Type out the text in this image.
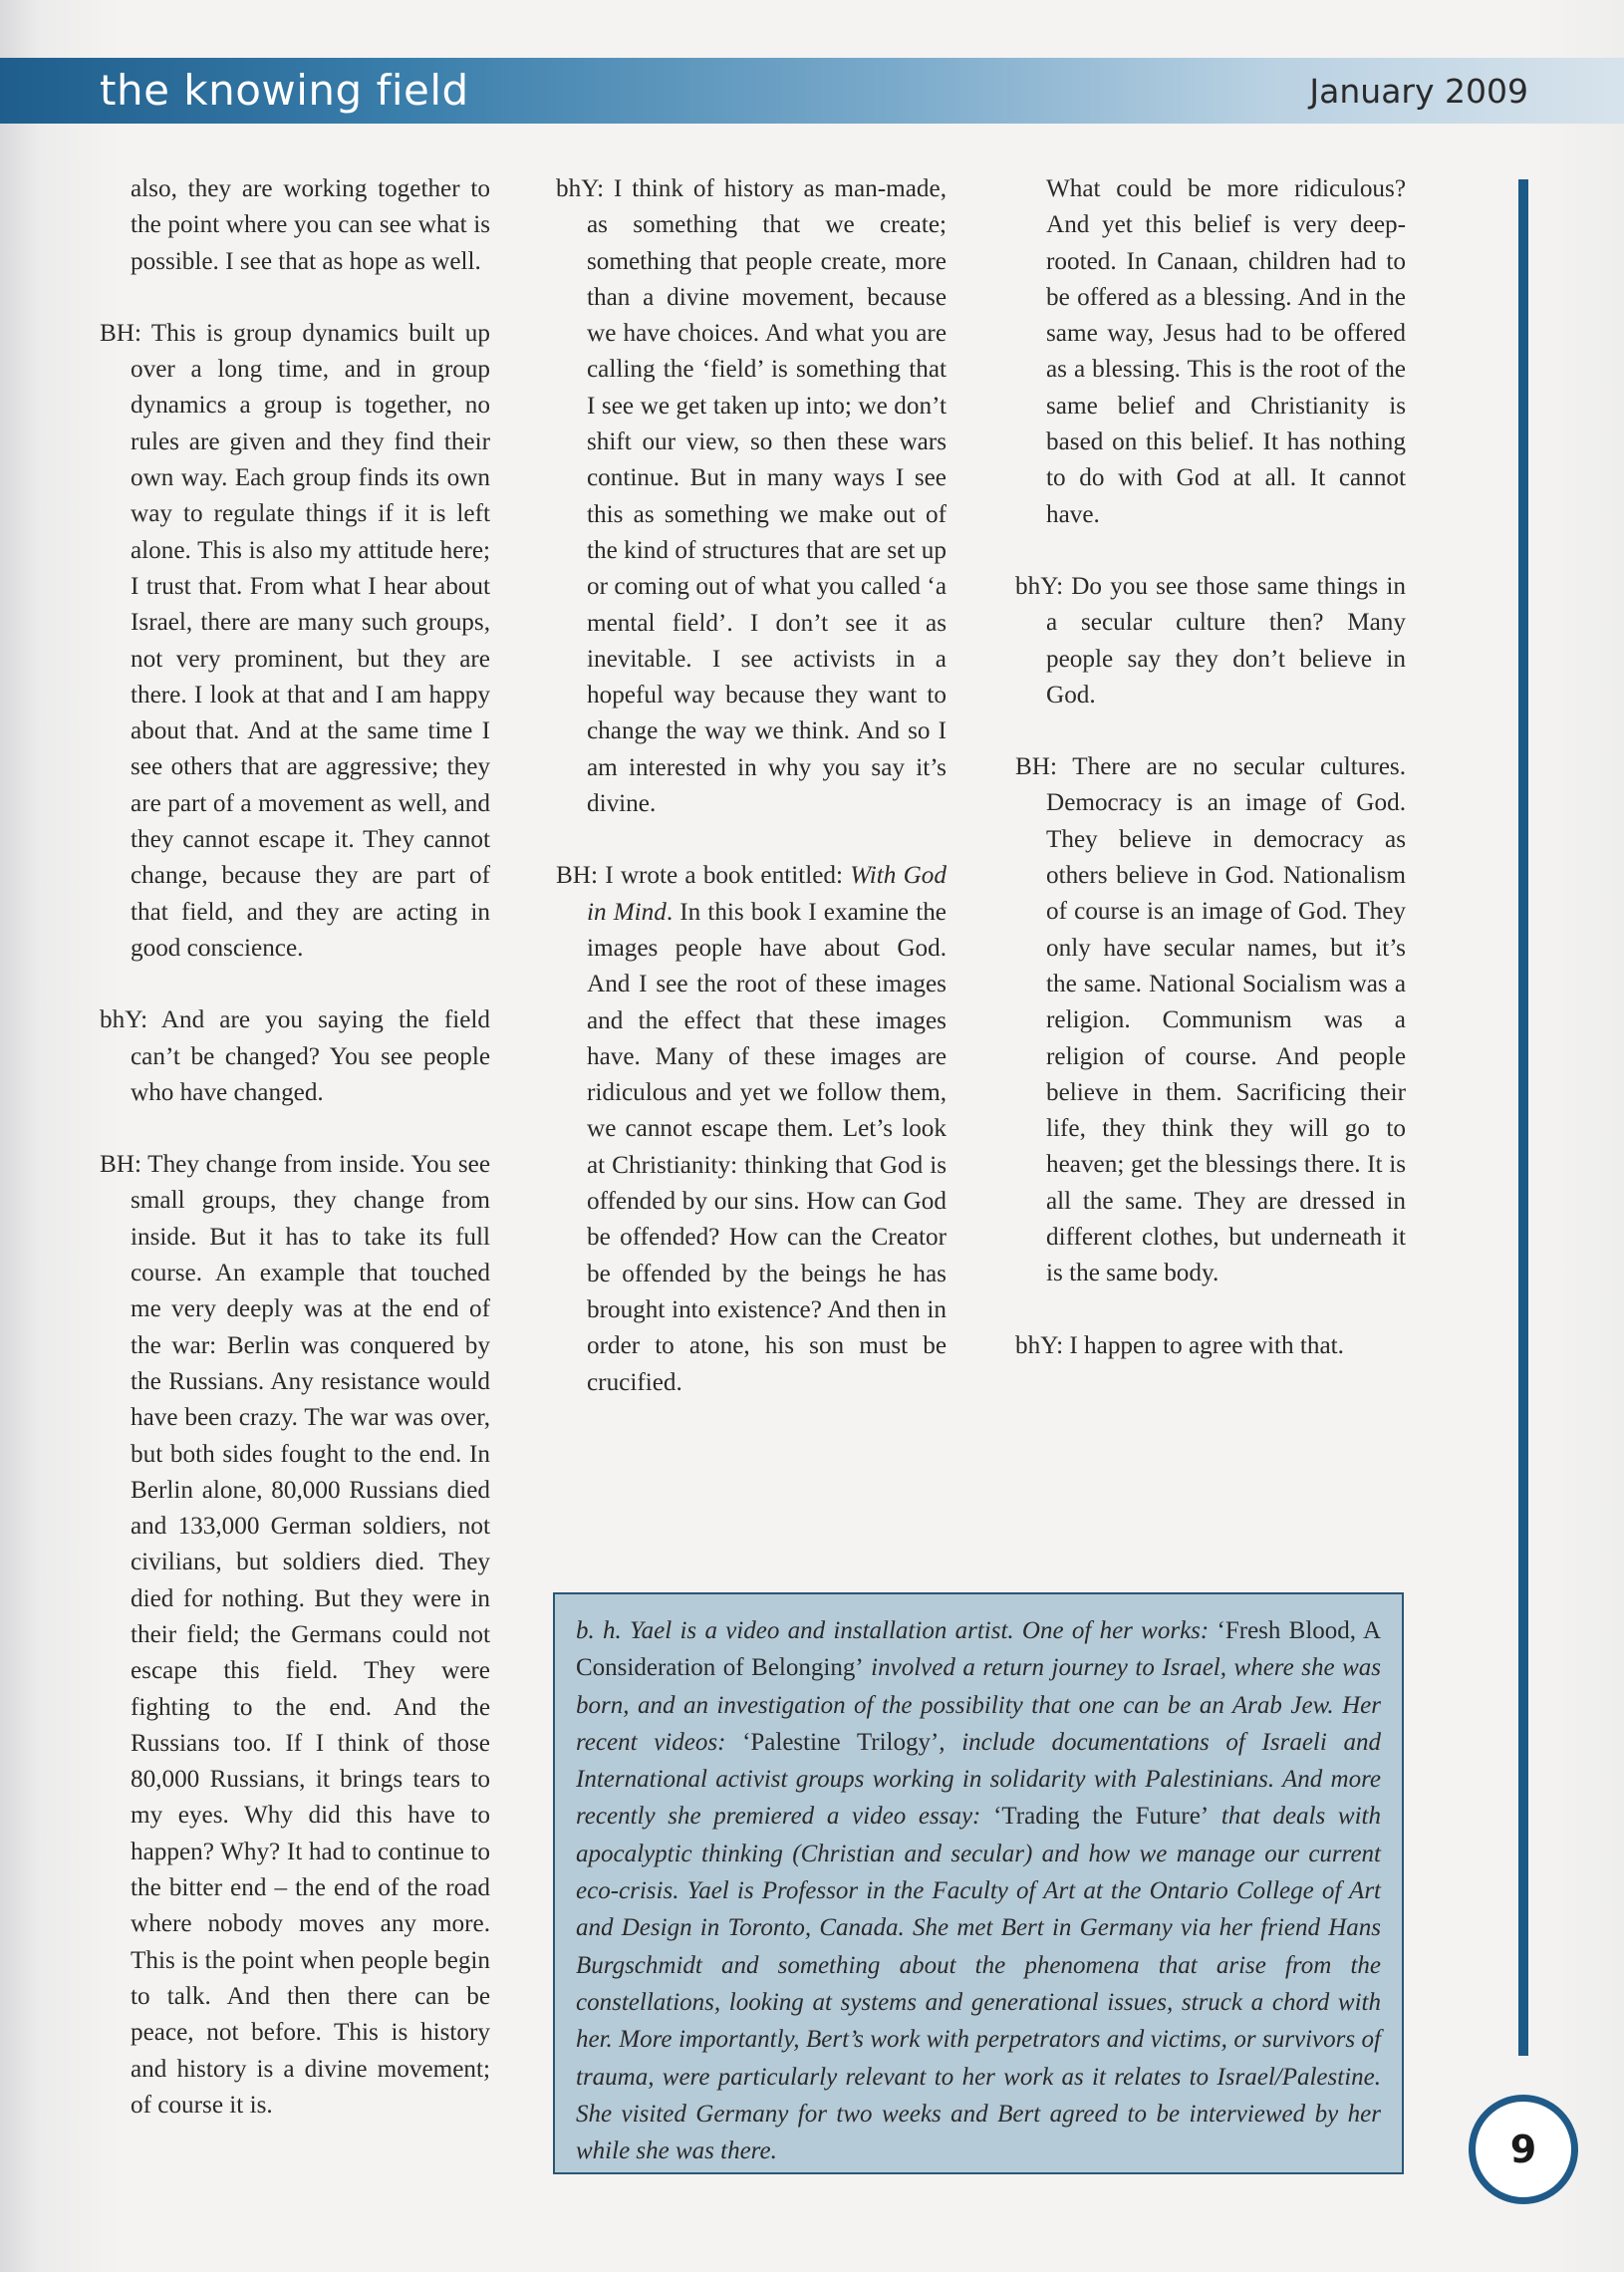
the knowing field	January 2009

also, they are working together to the point where you can see what is possible. I see that as hope as well.

BH: This is group dynamics built up over a long time, and in group dynamics a group is together, no rules are given and they find their own way. Each group finds its own way to regulate things if it is left alone. This is also my attitude here; I trust that. From what I hear about Israel, there are many such groups, not very prominent, but they are there. I look at that and I am happy about that. And at the same time I see others that are aggressive; they are part of a movement as well, and they cannot escape it. They cannot change, because they are part of that field, and they are acting in good conscience.

bhY: And are you saying the field can’t be changed? You see people who have changed.

BH: They change from inside. You see small groups, they change from inside. But it has to take its full course. An example that touched me very deeply was at the end of the war: Berlin was conquered by the Russians. Any resistance would have been crazy. The war was over, but both sides fought to the end. In Berlin alone, 80,000 Russians died and 133,000 German soldiers, not civilians, but soldiers died. They died for nothing. But they were in their field; the Germans could not escape this field. They were fighting to the end. And the Russians too. If I think of those 80,000 Russians, it brings tears to my eyes. Why did this have to happen? Why? It had to continue to the bitter end – the end of the road where nobody moves any more. This is the point when people begin to talk. And then there can be peace, not before. This is history and history is a divine movement; of course it is.

bhY: I think of history as man-made, as something that we create; something that people create, more than a divine movement, because we have choices. And what you are calling the ‘field’ is something that I see we get taken up into; we don’t shift our view, so then these wars continue. But in many ways I see this as something we make out of the kind of structures that are set up or coming out of what you called ‘a mental field’. I don’t see it as inevitable. I see activists in a hopeful way because they want to change the way we think. And so I am interested in why you say it’s divine.

BH: I wrote a book entitled: With God in Mind. In this book I examine the images people have about God. And I see the root of these images and the effect that these images have. Many of these images are ridiculous and yet we follow them, we cannot escape them. Let’s look at Christianity: thinking that God is offended by our sins. How can God be offended? How can the Creator be offended by the beings he has brought into existence? And then in order to atone, his son must be crucified.

What could be more ridiculous? And yet this belief is very deep-rooted. In Canaan, children had to be offered as a blessing. And in the same way, Jesus had to be offered as a blessing. This is the root of the same belief and Christianity is based on this belief. It has nothing to do with God at all. It cannot have.

bhY: Do you see those same things in a secular culture then? Many people say they don’t believe in God.

BH: There are no secular cultures. Democracy is an image of God. They believe in democracy as others believe in God. Nationalism of course is an image of God. They only have secular names, but it’s the same. National Socialism was a religion. Communism was a religion of course. And people believe in them. Sacrificing their life, they think they will go to heaven; get the blessings there. It is all the same. They are dressed in different clothes, but underneath it is the same body.

bhY: I happen to agree with that.

b. h. Yael is a video and installation artist. One of her works: ‘Fresh Blood, A Consideration of Belonging’ involved a return journey to Israel, where she was born, and an investigation of the possibility that one can be an Arab Jew. Her recent videos: ‘Palestine Trilogy’, include documentations of Israeli and International activist groups working in solidarity with Palestinians. And more recently she premiered a video essay: ‘Trading the Future’ that deals with apocalyptic thinking (Christian and secular) and how we manage our current eco-crisis. Yael is Professor in the Faculty of Art at the Ontario College of Art and Design in Toronto, Canada. She met Bert in Germany via her friend Hans Burgschmidt and something about the phenomena that arise from the constellations, looking at systems and generational issues, struck a chord with her. More importantly, Bert’s work with perpetrators and victims, or survivors of trauma, were particularly relevant to her work as it relates to Israel/Palestine. She visited Germany for two weeks and Bert agreed to be interviewed by her while she was there.	9
